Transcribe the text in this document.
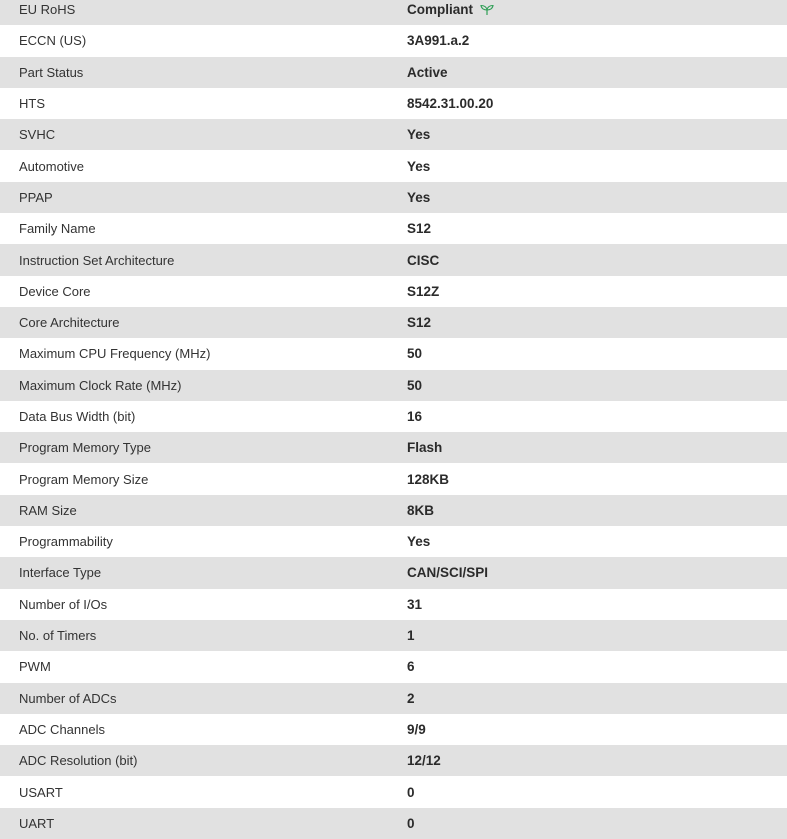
EU RoHS	Compliant
ECCN (US)	3A991.a.2
Part Status	Active
HTS	8542.31.00.20
SVHC	Yes
Automotive	Yes
PPAP	Yes
Family Name	S12
Instruction Set Architecture	CISC
Device Core	S12Z
Core Architecture	S12
Maximum CPU Frequency (MHz)	50
Maximum Clock Rate (MHz)	50
Data Bus Width (bit)	16
Program Memory Type	Flash
Program Memory Size	128KB
RAM Size	8KB
Programmability	Yes
Interface Type	CAN/SCI/SPI
Number of I/Os	31
No. of Timers	1
PWM	6
Number of ADCs	2
ADC Channels	9/9
ADC Resolution (bit)	12/12
USART	0
UART	0
